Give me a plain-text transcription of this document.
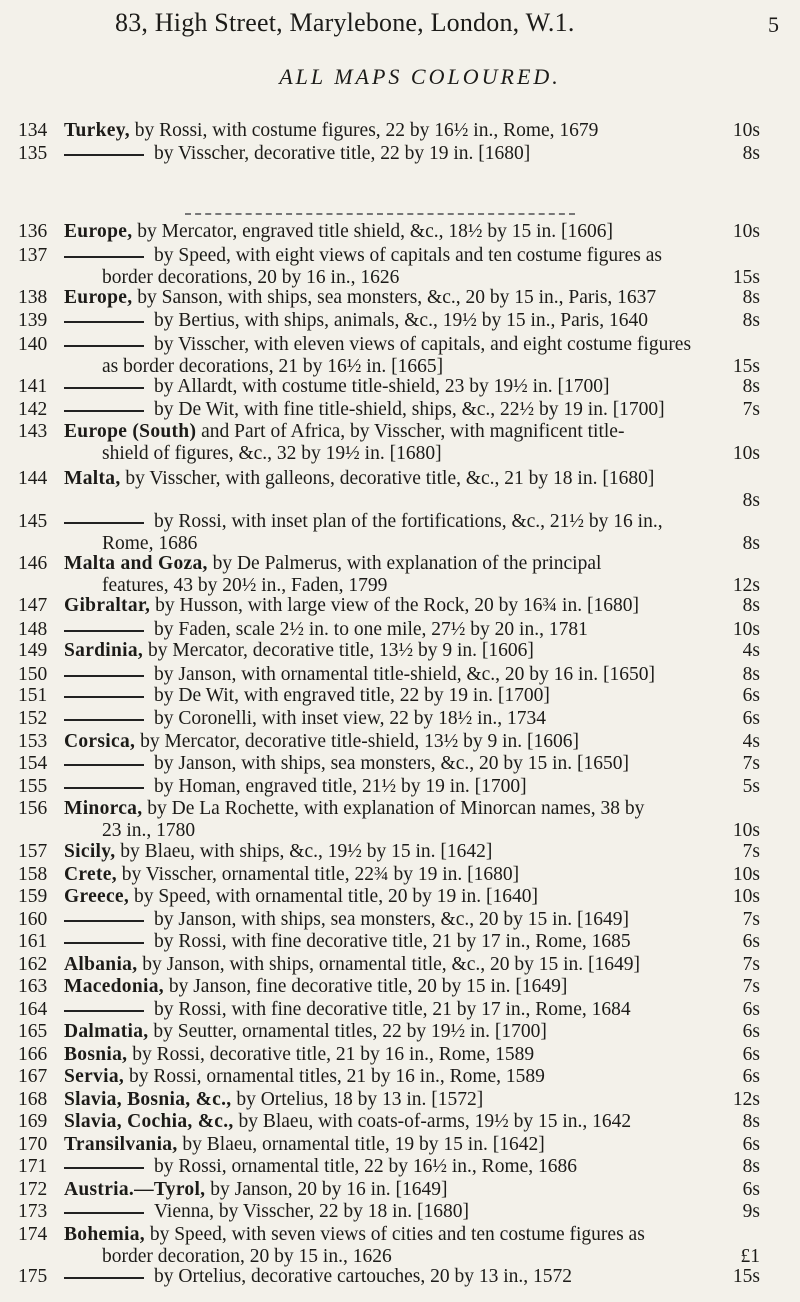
83, High Street, Marylebone, London, W.1.	5
ALL MAPS COLOURED.
134 Turkey, by Rossi, with costume figures, 22 by 16½ in., Rome, 1679	10s
135	by Visscher, decorative title, 22 by 19 in. [1680]	8s
136 Europe, by Mercator, engraved title shield, &c., 18½ by 15 in. [1606]	10s
137	by Speed, with eight views of capitals and ten costume figures as
border decorations, 20 by 16 in., 1626	15s
138 Europe, by Sanson, with ships, sea monsters, &c., 20 by 15 in., Paris, 1637	8s
139	by Bertius, with ships, animals, &c., 19½ by 15 in., Paris, 1640	8s
140	by Visscher, with eleven views of capitals, and eight costume figures
as border decorations, 21 by 16½ in. [1665]	15s
141	by Allardt, with costume title-shield, 23 by 19½ in. [1700]	8s
142	by De Wit, with fine title-shield, ships, &c., 22½ by 19 in. [1700]	7s
143 Europe (South) and Part of Africa, by Visscher, with magnificent title-
shield of figures, &c., 32 by 19½ in. [1680]	10s
144 Malta, by Visscher, with galleons, decorative title, &c., 21 by 18 in. [1680]
8s
145	by Rossi, with inset plan of the fortifications, &c., 21½ by 16 in.,
Rome, 1686	8s
146 Malta and Goza, by De Palmerus, with explanation of the principal
features, 43 by 20½ in., Faden, 1799	12s
147 Gibraltar, by Husson, with large view of the Rock, 20 by 16¾ in. [1680]	8s
148	by Faden, scale 2½ in. to one mile, 27½ by 20 in., 1781	10s
149 Sardinia, by Mercator, decorative title, 13½ by 9 in. [1606]	4s
150	by Janson, with ornamental title-shield, &c., 20 by 16 in. [1650]	8s
151	by De Wit, with engraved title, 22 by 19 in. [1700]	6s
152	by Coronelli, with inset view, 22 by 18½ in., 1734	6s
153 Corsica, by Mercator, decorative title-shield, 13½ by 9 in. [1606]	4s
154	by Janson, with ships, sea monsters, &c., 20 by 15 in. [1650]	7s
155	by Homan, engraved title, 21½ by 19 in. [1700]	5s
156 Minorca, by De La Rochette, with explanation of Minorcan names, 38 by
23 in., 1780	10s
157 Sicily, by Blaeu, with ships, &c., 19½ by 15 in. [1642]	7s
158 Crete, by Visscher, ornamental title, 22¾ by 19 in. [1680]	10s
159 Greece, by Speed, with ornamental title, 20 by 19 in. [1640]	10s
160	by Janson, with ships, sea monsters, &c., 20 by 15 in. [1649]	7s
161	by Rossi, with fine decorative title, 21 by 17 in., Rome, 1685	6s
162 Albania, by Janson, with ships, ornamental title, &c., 20 by 15 in. [1649]	7s
163 Macedonia, by Janson, fine decorative title, 20 by 15 in. [1649]	7s
164	by Rossi, with fine decorative title, 21 by 17 in., Rome, 1684	6s
165 Dalmatia, by Seutter, ornamental titles, 22 by 19½ in. [1700]	6s
166 Bosnia, by Rossi, decorative title, 21 by 16 in., Rome, 1589	6s
167 Servia, by Rossi, ornamental titles, 21 by 16 in., Rome, 1589	6s
168 Slavia, Bosnia, &c., by Ortelius, 18 by 13 in. [1572]	12s
169 Slavia, Cochia, &c., by Blaeu, with coats-of-arms, 19½ by 15 in., 1642	8s
170 Transilvania, by Blaeu, ornamental title, 19 by 15 in. [1642]	6s
171	by Rossi, ornamental title, 22 by 16½ in., Rome, 1686	8s
172 Austria.—Tyrol, by Janson, 20 by 16 in. [1649]	6s
173	Vienna, by Visscher, 22 by 18 in. [1680]	9s
174 Bohemia, by Speed, with seven views of cities and ten costume figures as
border decoration, 20 by 15 in., 1626	£1
175	by Ortelius, decorative cartouches, 20 by 13 in., 1572	15s
